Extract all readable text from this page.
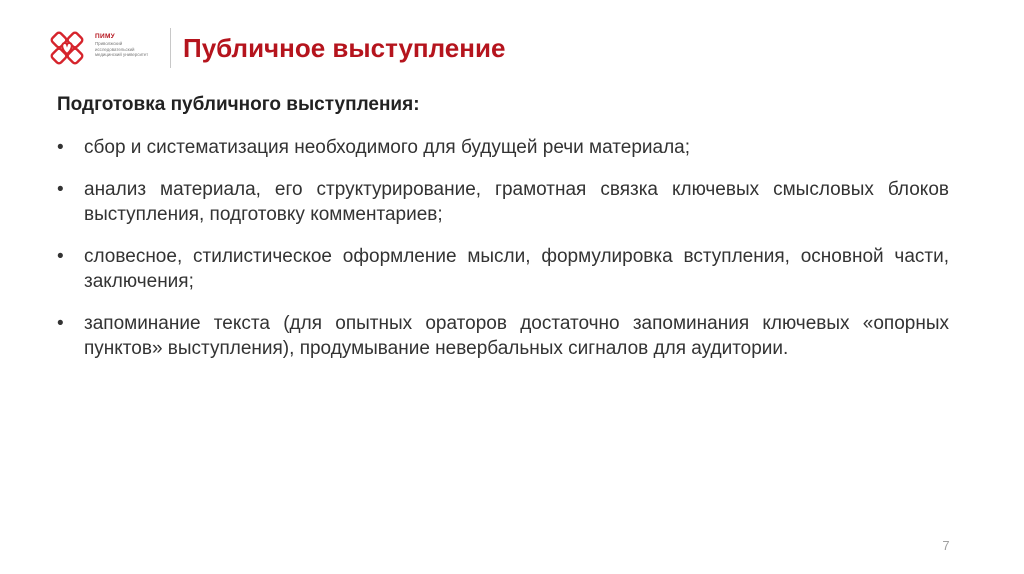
ПИМУ
Приволжский
исследовательский
медицинский университет	Публичное выступление
Подготовка публичного выступления:
• сбор и систематизация необходимого для будущей речи материала;
• анализ материала, его структурирование, грамотная связка ключевых смысловых блоков выступления, подготовку комментариев;
• словесное, стилистическое оформление мысли, формулировка вступления, основной части, заключения;
• запоминание текста (для опытных ораторов достаточно запоминания ключевых «опорных пунктов» выступления), продумывание невербальных сигналов для аудитории.
7
